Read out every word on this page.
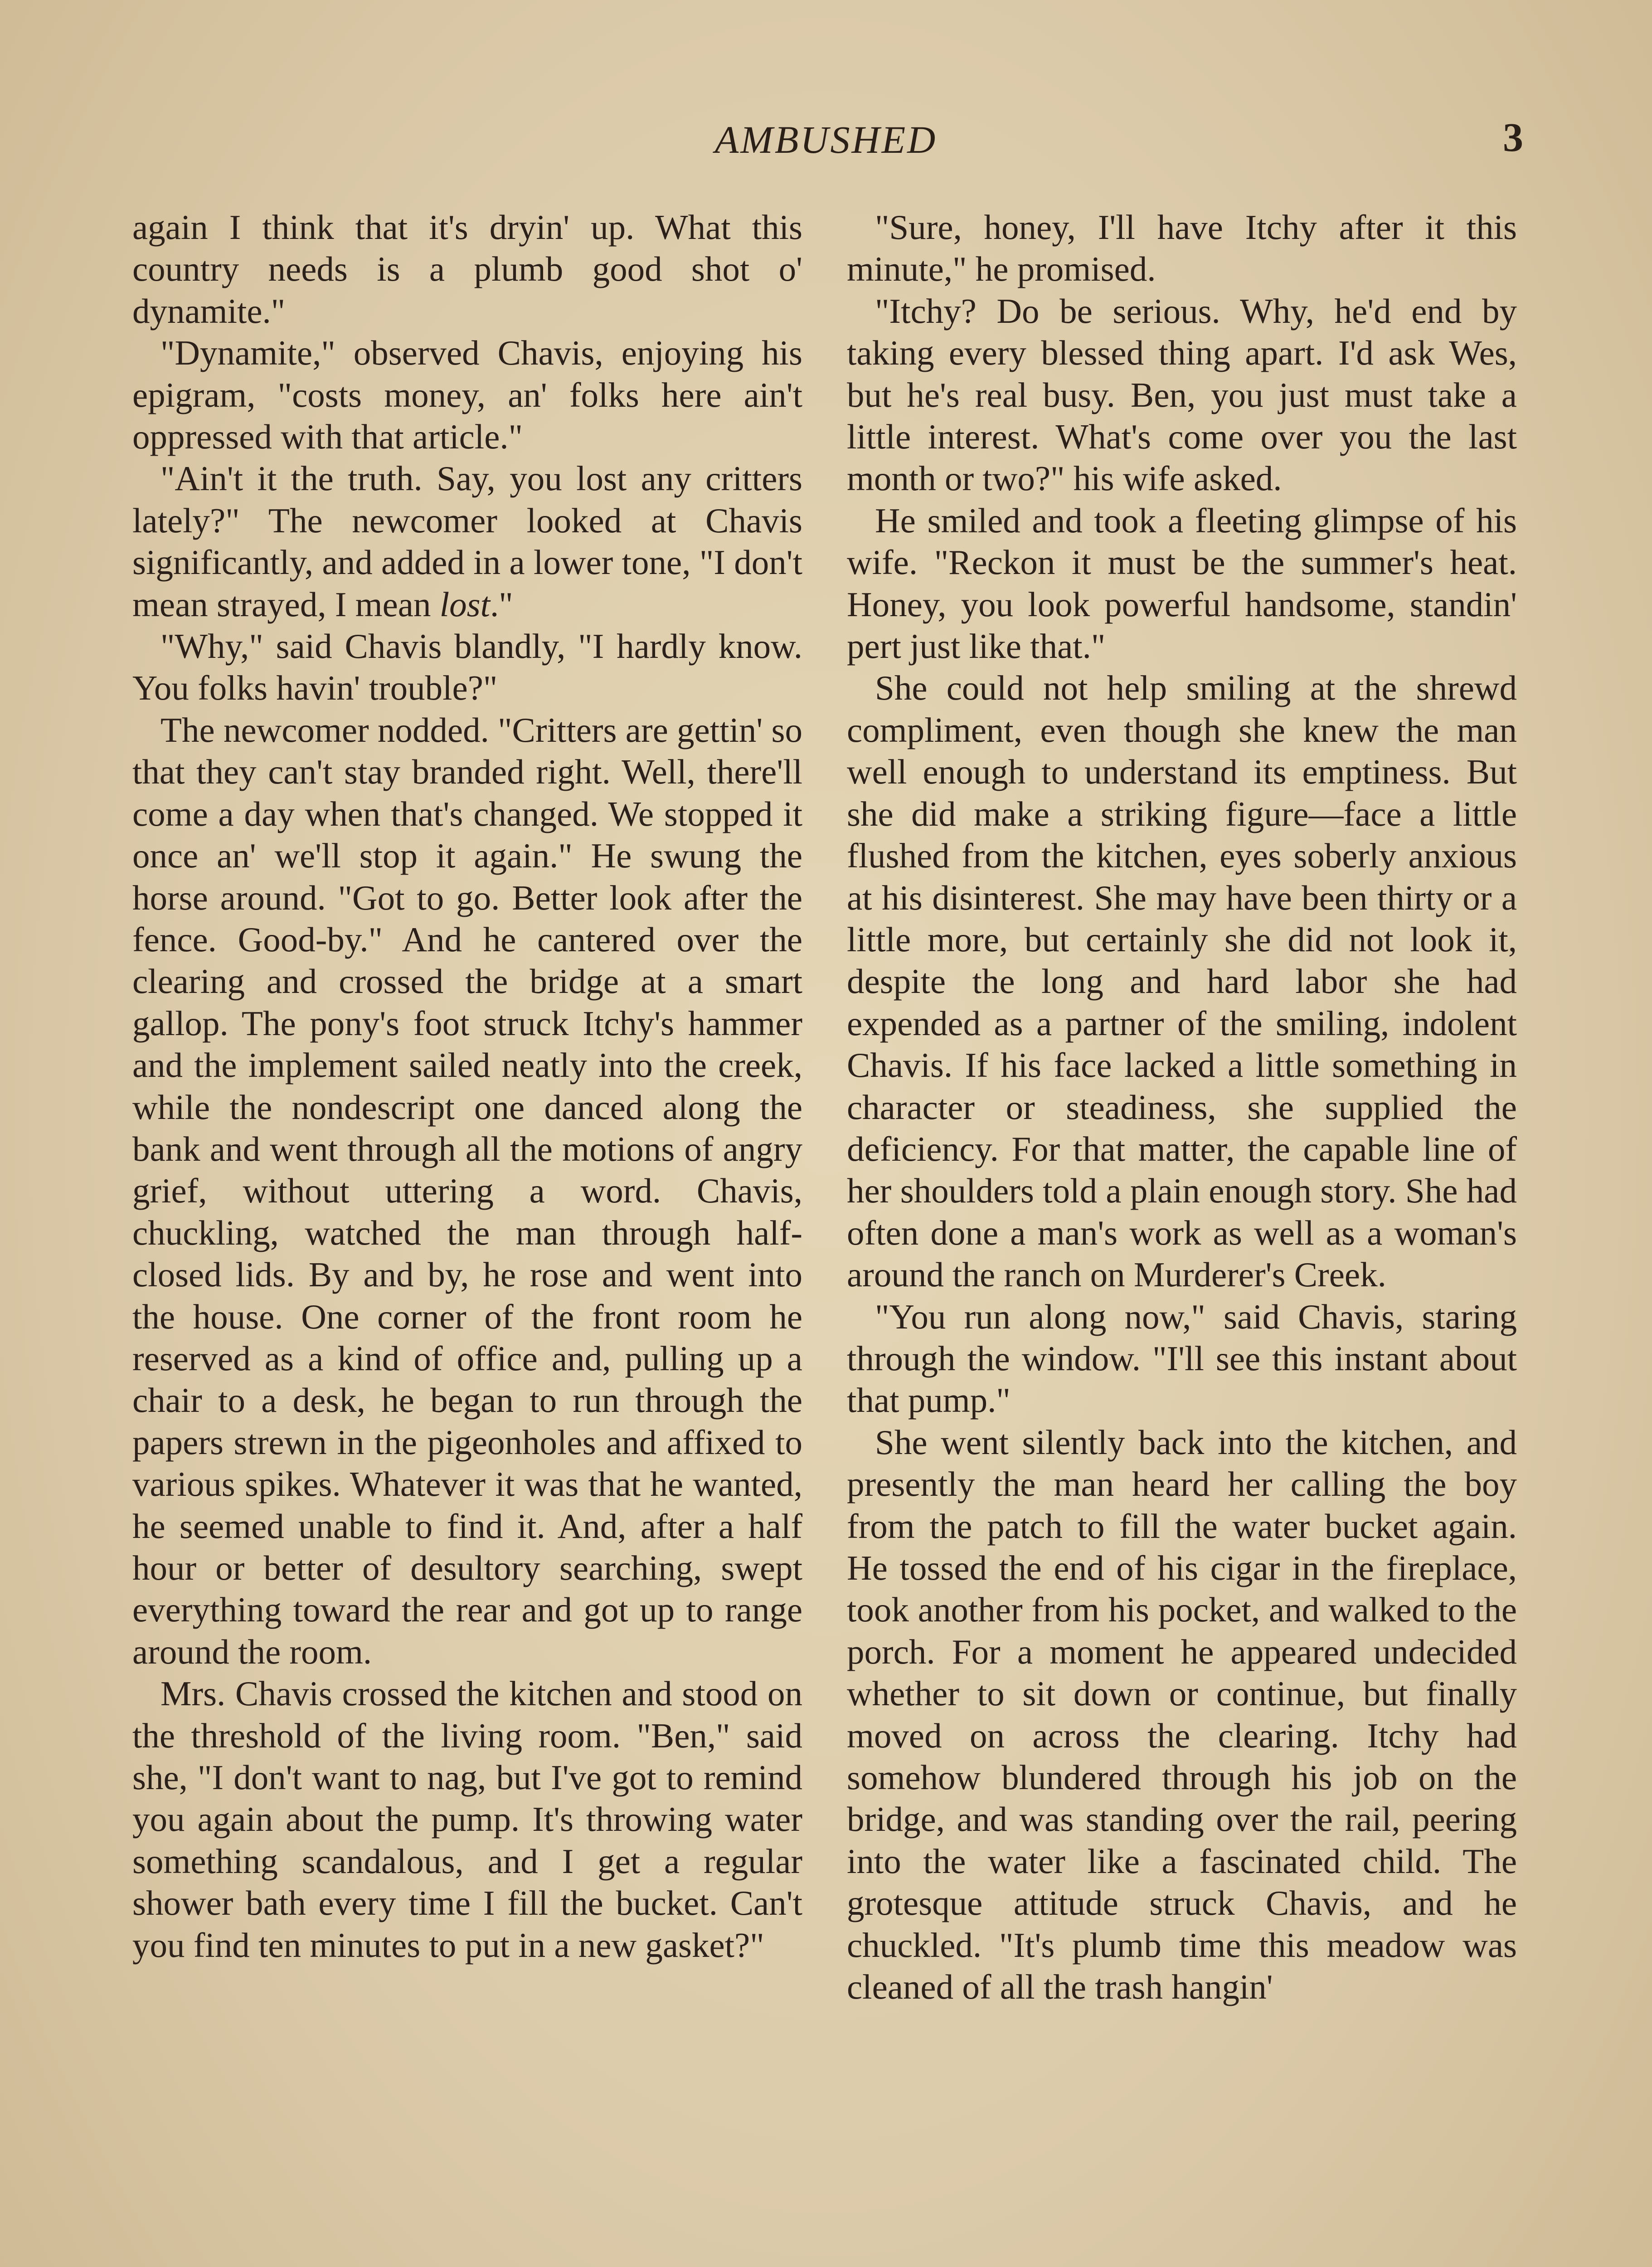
AMBUSHED	3

again I think that it's dryin' up. What this country needs is a plumb good shot o' dynamite."

"Dynamite," observed Chavis, enjoying his epigram, "costs money, an' folks here ain't oppressed with that article."

"Ain't it the truth. Say, you lost any critters lately?" The newcomer looked at Chavis significantly, and added in a lower tone, "I don't mean strayed, I mean lost."

"Why," said Chavis blandly, "I hardly know. You folks havin' trouble?"

The newcomer nodded. "Critters are gettin' so that they can't stay branded right. Well, there'll come a day when that's changed. We stopped it once an' we'll stop it again." He swung the horse around. "Got to go. Better look after the fence. Good-by." And he cantered over the clearing and crossed the bridge at a smart gallop. The pony's foot struck Itchy's hammer and the implement sailed neatly into the creek, while the nondescript one danced along the bank and went through all the motions of angry grief, without uttering a word. Chavis, chuckling, watched the man through half-closed lids. By and by, he rose and went into the house. One corner of the front room he reserved as a kind of office and, pulling up a chair to a desk, he began to run through the papers strewn in the pigeonholes and affixed to various spikes. Whatever it was that he wanted, he seemed unable to find it. And, after a half hour or better of desultory searching, swept everything toward the rear and got up to range around the room.

Mrs. Chavis crossed the kitchen and stood on the threshold of the living room. "Ben," said she, "I don't want to nag, but I've got to remind you again about the pump. It's throwing water something scandalous, and I get a regular shower bath every time I fill the bucket. Can't you find ten minutes to put in a new gasket?"

"Sure, honey, I'll have Itchy after it this minute," he promised.

"Itchy? Do be serious. Why, he'd end by taking every blessed thing apart. I'd ask Wes, but he's real busy. Ben, you just must take a little interest. What's come over you the last month or two?" his wife asked.

He smiled and took a fleeting glimpse of his wife. "Reckon it must be the summer's heat. Honey, you look powerful handsome, standin' pert just like that."

She could not help smiling at the shrewd compliment, even though she knew the man well enough to understand its emptiness. But she did make a striking figure—face a little flushed from the kitchen, eyes soberly anxious at his disinterest. She may have been thirty or a little more, but certainly she did not look it, despite the long and hard labor she had expended as a partner of the smiling, indolent Chavis. If his face lacked a little something in character or steadiness, she supplied the deficiency. For that matter, the capable line of her shoulders told a plain enough story. She had often done a man's work as well as a woman's around the ranch on Murderer's Creek.

"You run along now," said Chavis, staring through the window. "I'll see this instant about that pump."

She went silently back into the kitchen, and presently the man heard her calling the boy from the patch to fill the water bucket again. He tossed the end of his cigar in the fireplace, took another from his pocket, and walked to the porch. For a moment he appeared undecided whether to sit down or continue, but finally moved on across the clearing. Itchy had somehow blundered through his job on the bridge, and was standing over the rail, peering into the water like a fascinated child. The grotesque attitude struck Chavis, and he chuckled. "It's plumb time this meadow was cleaned of all the trash hangin'
